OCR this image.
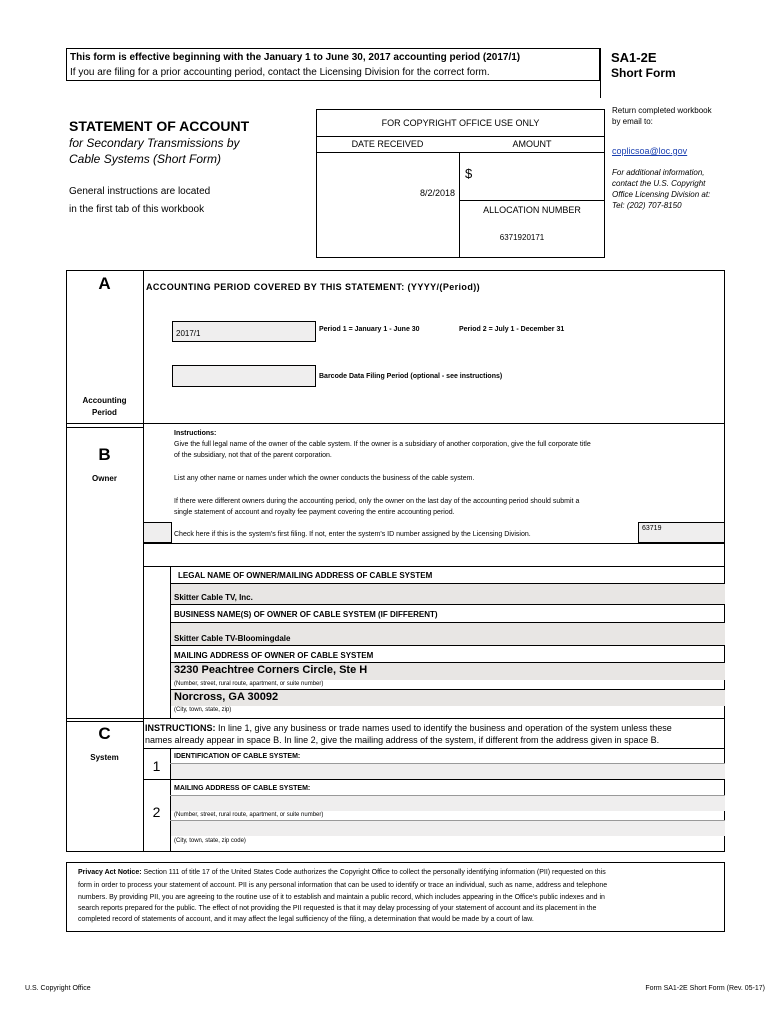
This form is effective beginning with the January 1 to June 30, 2017 accounting period (2017/1)
If you are filing for a prior accounting period, contact the Licensing Division for the correct form.
SA1-2E
Short Form
STATEMENT OF ACCOUNT
for Secondary Transmissions by
Cable Systems (Short Form)
General instructions are located
in the first tab of this workbook
FOR COPYRIGHT OFFICE USE ONLY
DATE RECEIVED	AMOUNT
8/2/2018
$
ALLOCATION NUMBER
6371920171
Return completed workbook
by email to:
coplicsoa@loc.gov
For additional information,
contact the U.S. Copyright
Office Licensing Division at:
Tel: (202) 707-8150
A
Accounting
Period
ACCOUNTING PERIOD COVERED BY THIS STATEMENT: (YYYY/(Period))
2017/1	Period 1 = January 1 - June 30	Period 2 = July 1 - December 31
Barcode Data Filing Period (optional - see instructions)
B
Owner
Instructions:
Give the full legal name of the owner of the cable system. If the owner is a subsidiary of another corporation, give the full corporate title
of the subsidiary, not that of the parent corporation.
List any other name or names under which the owner conducts the business of the cable system.
If there were different owners during the accounting period, only the owner on the last day of the accounting period should submit a
single statement of account and royalty fee payment covering the entire accounting period.
Check here if this is the system's first filing. If not, enter the system's ID number assigned by the Licensing Division.
63719
LEGAL NAME OF OWNER/MAILING ADDRESS OF CABLE SYSTEM
Skitter Cable TV, Inc.
BUSINESS NAME(S) OF OWNER OF CABLE SYSTEM (IF DIFFERENT)
Skitter Cable TV-Bloomingdale
MAILING ADDRESS OF OWNER OF CABLE SYSTEM
3230 Peachtree Corners Circle, Ste H
(Number, street, rural route, apartment, or suite number)
Norcross, GA 30092
(City, town, state, zip)
C
System
INSTRUCTIONS: In line 1, give any business or trade names used to identify the business and operation of the system unless these
names already appear in space B. In line 2, give the mailing address of the system, if different from the address given in space B.
1
IDENTIFICATION OF CABLE SYSTEM:
2
MAILING ADDRESS OF CABLE SYSTEM:
(Number, street, rural route, apartment, or suite number)
(City, town, state, zip code)
Privacy Act Notice: Section 111 of title 17 of the United States Code authorizes the Copyright Office to collect the personally identifying information (PII) requested on this
form in order to process your statement of account. PII is any personal information that can be used to identify or trace an individual, such as name, address and telephone
numbers. By providing PII, you are agreeing to the routine use of it to establish and maintain a public record, which includes appearing in the Office's public indexes and in
search reports prepared for the public. The effect of not providing the PII requested is that it may delay processing of your statement of account and its placement in the
completed record of statements of account, and it may affect the legal sufficiency of the filing, a determination that would be made by a court of law.
U.S. Copyright Office	Form SA1-2E Short Form (Rev. 05-17)
